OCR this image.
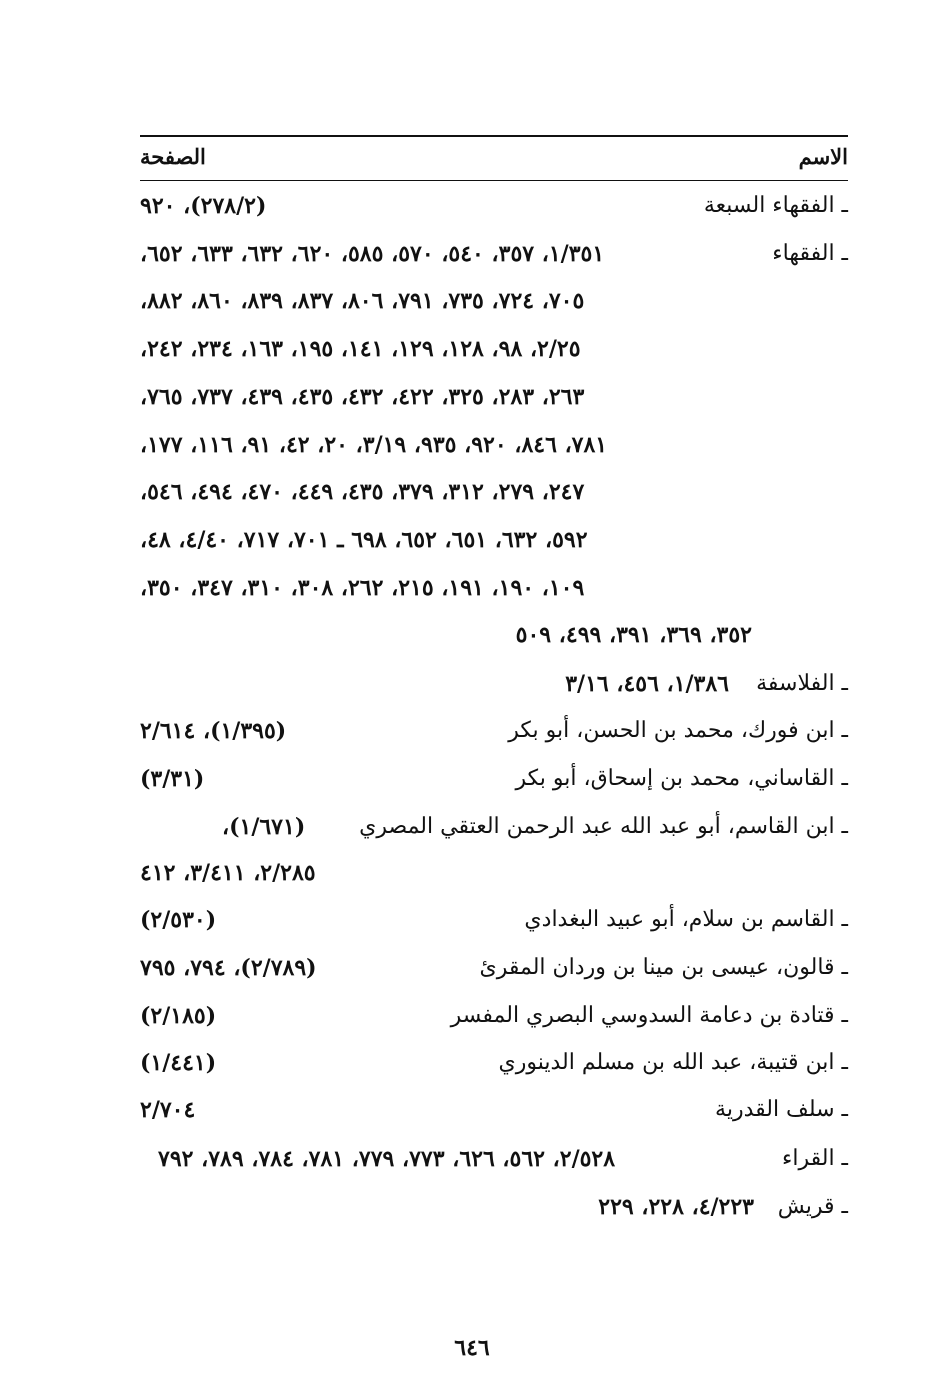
الاسم
الصفحة
ـ الفقهاء السبعة
(٢٧٨/٢)، ٩٢٠
ـ الفقهاء
١/٣٥١، ٣٥٧، ٥٤٠، ٥٧٠، ٥٨٥، ٦٢٠، ٦٣٢، ٦٣٣، ٦٥٢،
٧٠٥، ٧٢٤، ٧٣٥، ٧٩١، ٨٠٦، ٨٣٧، ٨٣٩، ٨٦٠، ٨٨٢،
٢/٢٥، ٩٨، ١٢٨، ١٢٩، ١٤١، ١٩٥، ١٦٣، ٢٣٤، ٢٤٢،
٢٦٣، ٢٨٣، ٣٢٥، ٤٢٢، ٤٣٢، ٤٣٥، ٤٣٩، ٧٣٧، ٧٦٥،
٧٨١، ٨٤٦، ٩٢٠، ٩٣٥، ٣/١٩، ٢٠، ٤٢، ٩١، ١١٦، ١٧٧،
٢٤٧، ٢٧٩، ٣١٢، ٣٧٩، ٤٣٥، ٤٤٩، ٤٧٠، ٤٩٤، ٥٤٦،
٥٩٢، ٦٣٢، ٦٥١، ٦٥٢، ٦٩٨ ـ ٧٠١، ٧١٧، ٤/٤٠، ٤٨،
١٠٩، ١٩٠، ١٩١، ٢١٥، ٢٦٢، ٣٠٨، ٣١٠، ٣٤٧، ٣٥٠،
٣٥٢، ٣٦٩، ٣٩١، ٤٩٩، ٥٠٩
ـ الفلاسفة
١/٣٨٦، ٤٥٦، ٣/١٦
ـ ابن فورك، محمد بن الحسن، أبو بكر
(١/٣٩٥)، ٢/٦١٤
ـ القاساني، محمد بن إسحاق، أبو بكر
(٣/٣١)
ـ ابن القاسم، أبو عبد الله عبد الرحمن العتقي المصري
(١/٦٧١)،
٢/٢٨٥، ٣/٤١١، ٤١٢
ـ القاسم بن سلام، أبو عبيد البغدادي
(٢/٥٣٠)
ـ قالون، عيسى بن مينا بن وردان المقرئ
(٢/٧٨٩)، ٧٩٤، ٧٩٥
ـ قتادة بن دعامة السدوسي البصري المفسر
(٢/١٨٥)
ـ ابن قتيبة، عبد الله بن مسلم الدينوري
(١/٤٤١)
ـ سلف القدرية
٢/٧٠٤
ـ القراء
٢/٥٢٨، ٥٦٢، ٦٢٦، ٧٧٣، ٧٧٩، ٧٨١، ٧٨٤، ٧٨٩، ٧٩٢
ـ قريش
٤/٢٢٣، ٢٢٨، ٢٢٩
٦٤٦
